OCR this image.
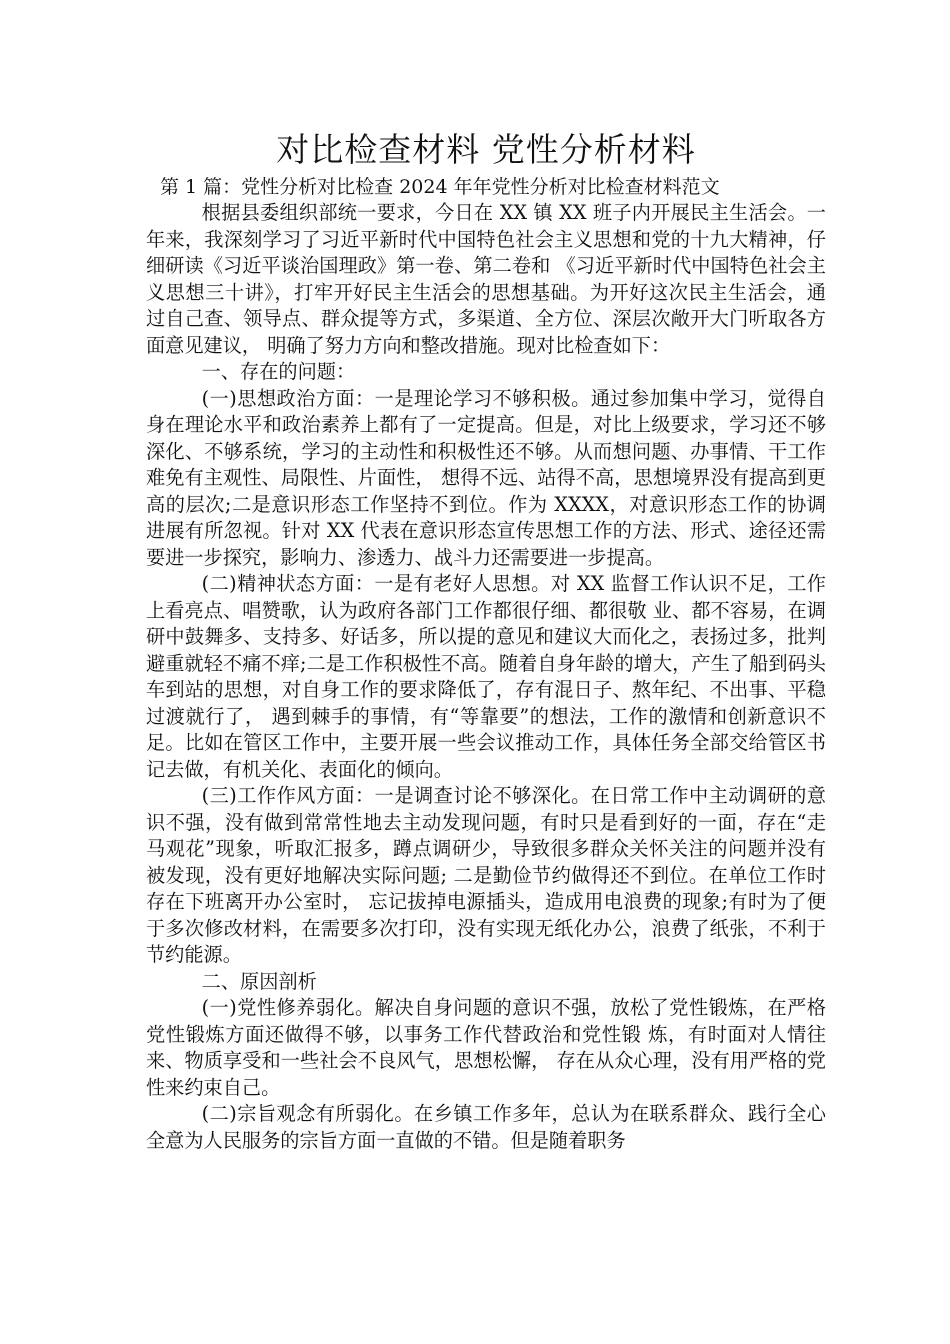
对比检查材料 党性分析材料

第 1 篇：党性分析对比检查 2024 年年党性分析对比检查材料范文

根据县委组织部统一要求，今日在 XX 镇 XX 班子内开展民主生活会。一年来，我深刻学习了习近平新时代中国特色社会主义思想和党的十九大精神，仔细研读《习近平谈治国理政》第一卷、第二卷和 《习近平新时代中国特色社会主义思想三十讲》，打牢开好民主生活会的思想基础。为开好这次民主生活会，通过自己查、领导点、群众提等方式，多渠道、全方位、深层次敞开大门听取各方面意见建议， 明确了努力方向和整改措施。现对比检查如下：

一、存在的问题：

(一)思想政治方面：一是理论学习不够积极。通过参加集中学习，觉得自身在理论水平和政治素养上都有了一定提高。但是，对比上级要求，学习还不够深化、不够系统，学习的主动性和积极性还不够。从而想问题、办事情、干工作难免有主观性、局限性、片面性， 想得不远、站得不高，思想境界没有提高到更高的层次;二是意识形态工作坚持不到位。作为 XXXX，对意识形态工作的协调进展有所忽视。针对 XX 代表在意识形态宣传思想工作的方法、形式、途径还需要进一步探究，影响力、渗透力、战斗力还需要进一步提高。

(二)精神状态方面：一是有老好人思想。对 XX 监督工作认识不足，工作上看亮点、唱赞歌，认为政府各部门工作都很仔细、都很敬 业、都不容易，在调研中鼓舞多、支持多、好话多，所以提的意见和建议大而化之，表扬过多，批判避重就轻不痛不痒;二是工作积极性不高。随着自身年龄的增大，产生了船到码头车到站的思想，对自身工作的要求降低了，存有混日子、熬年纪、不出事、平稳过渡就行了， 遇到棘手的事情，有“等靠要”的想法，工作的激情和创新意识不足。比如在管区工作中，主要开展一些会议推动工作，具体任务全部交给管区书记去做，有机关化、表面化的倾向。

(三)工作作风方面：一是调查讨论不够深化。在日常工作中主动调研的意识不强，没有做到常常性地去主动发现问题，有时只是看到好的一面，存在“走马观花”现象，听取汇报多，蹲点调研少，导致很多群众关怀关注的问题并没有被发现，没有更好地解决实际问题; 二是勤俭节约做得还不到位。在单位工作时存在下班离开办公室时， 忘记拔掉电源插头，造成用电浪费的现象;有时为了便于多次修改材料，在需要多次打印，没有实现无纸化办公，浪费了纸张，不利于节约能源。

二、原因剖析

(一)党性修养弱化。解决自身问题的意识不强，放松了党性锻炼，在严格党性锻炼方面还做得不够，以事务工作代替政治和党性锻 炼，有时面对人情往来、物质享受和一些社会不良风气，思想松懈， 存在从众心理，没有用严格的党性来约束自己。

(二)宗旨观念有所弱化。在乡镇工作多年，总认为在联系群众、践行全心全意为人民服务的宗旨方面一直做的不错。但是随着职务
